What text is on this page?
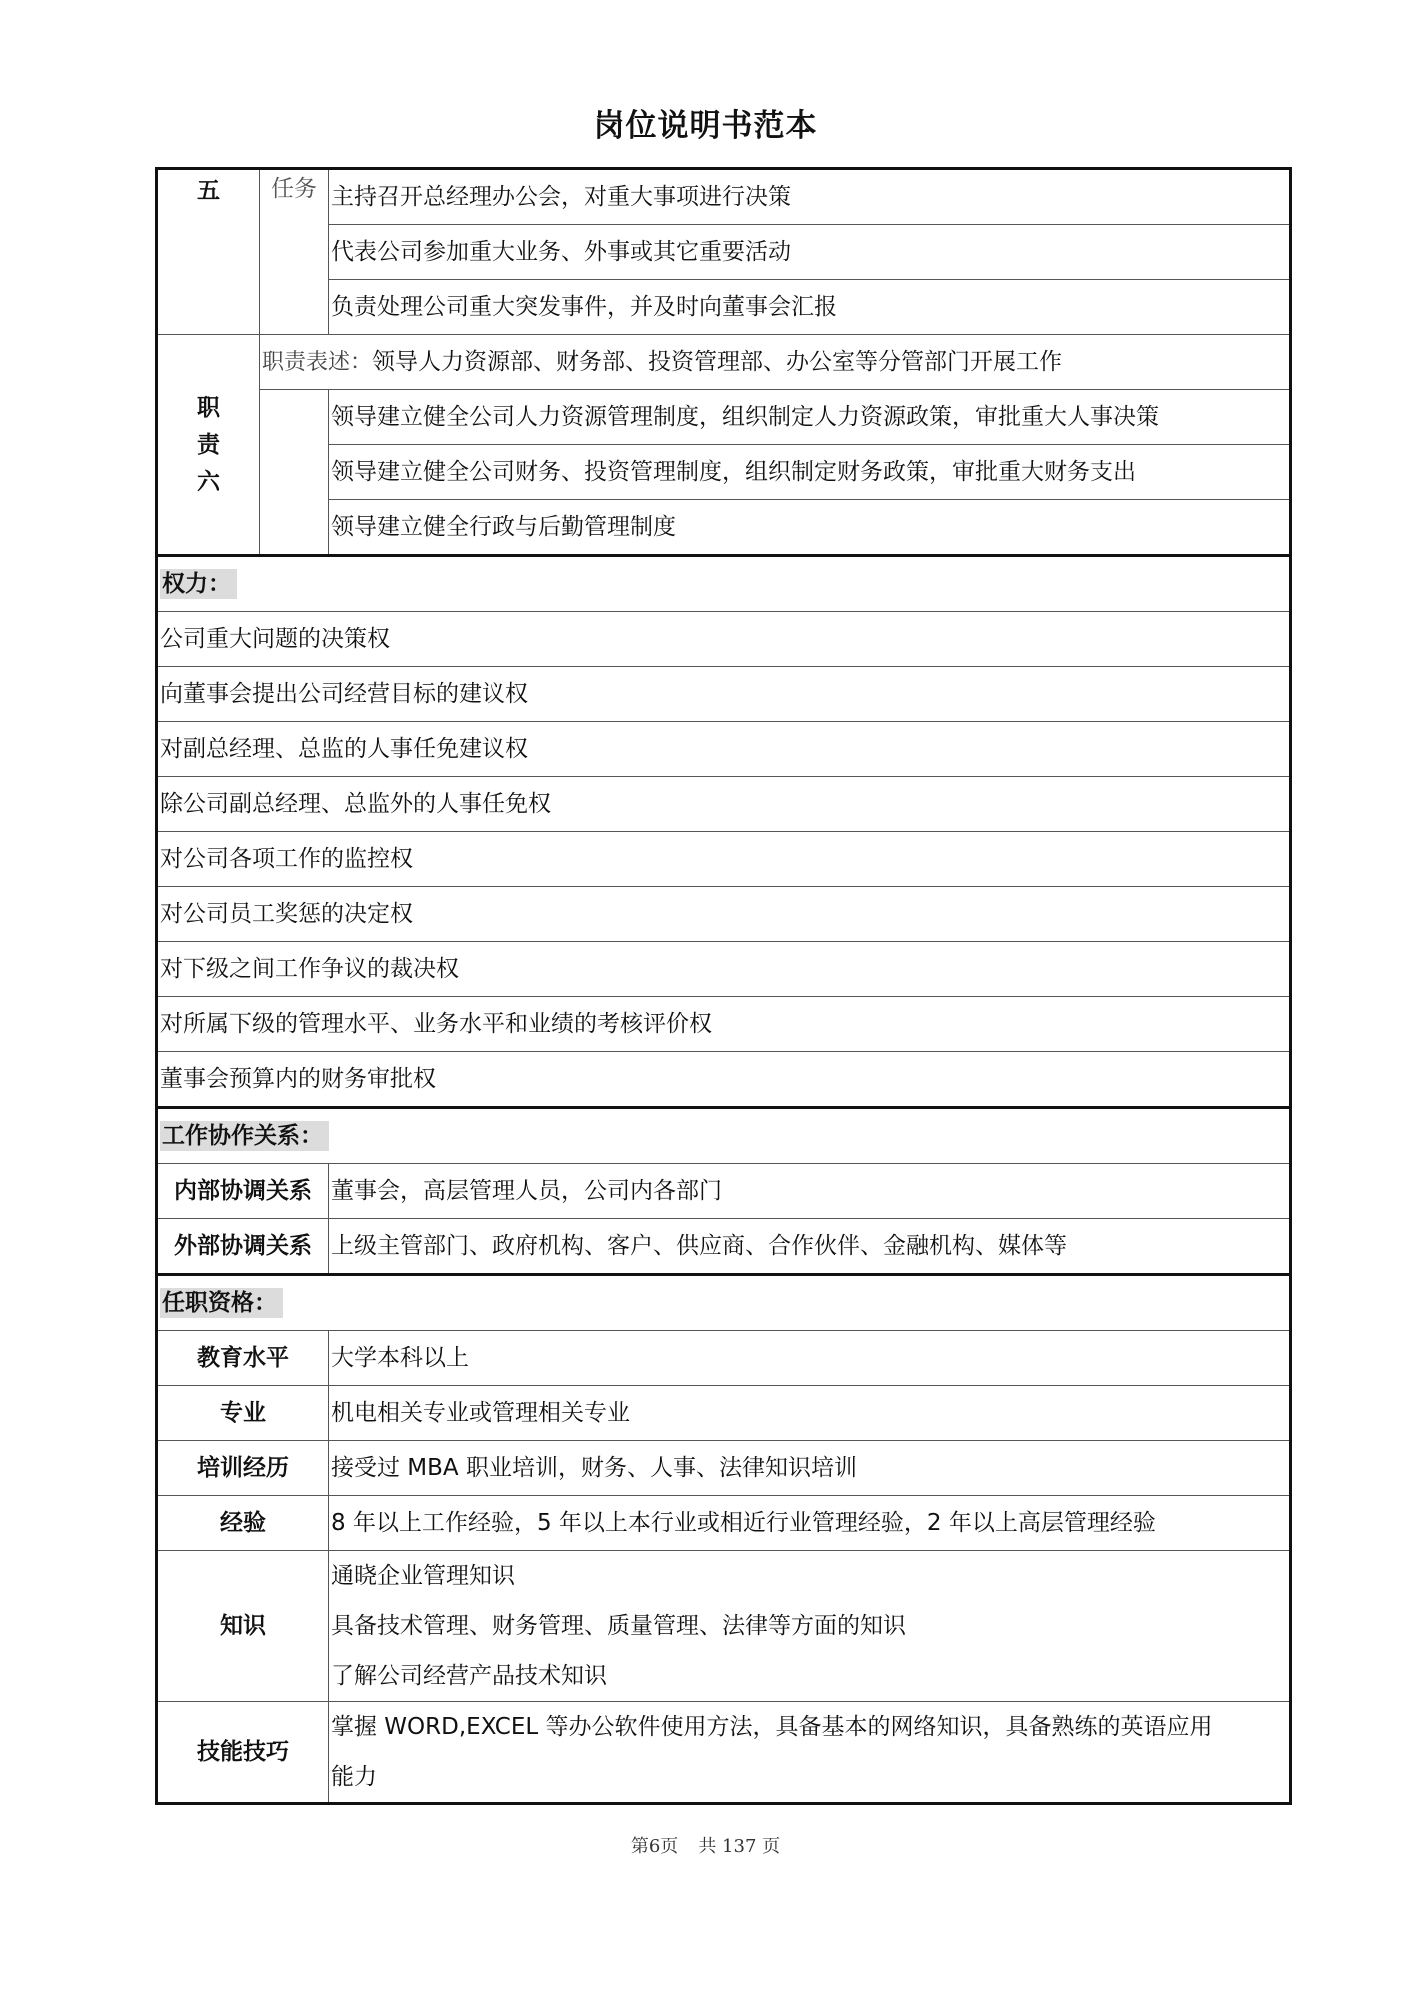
岗位说明书范本
五	任务	主持召开总经理办公会，对重大事项进行决策
		代表公司参加重大业务、外事或其它重要活动
		负责处理公司重大突发事件，并及时向董事会汇报

职
责
六	职责表述：领导人力资源部、财务部、投资管理部、办公室等分管部门开展工作	
		领导建立健全公司人力资源管理制度，组织制定人力资源政策，审批重大人事决策
		领导建立健全公司财务、投资管理制度，组织制定财务政策，审批重大财务支出
		领导建立健全行政与后勤管理制度
权力：		
公司重大问题的决策权		
向董事会提出公司经营目标的建议权		
对副总经理、总监的人事任免建议权		
除公司副总经理、总监外的人事任免权		
对公司各项工作的监控权		
对公司员工奖惩的决定权		
对下级之间工作争议的裁决权		
对所属下级的管理水平、业务水平和业绩的考核评价权		
董事会预算内的财务审批权		
工作协作关系：		
内部协调关系		董事会，高层管理人员，公司内各部门
外部协调关系		上级主管部门、政府机构、客户、供应商、合作伙伴、金融机构、媒体等
任职资格：		
教育水平		大学本科以上
专业		机电相关专业或管理相关专业
培训经历		接受过 MBA 职业培训，财务、人事、法律知识培训
经验		8 年以上工作经验，5 年以上本行业或相近行业管理经验，2 年以上高层管理经验
知识		通晓企业管理知识
具备技术管理、财务管理、质量管理、法律等方面的知识
了解公司经营产品技术知识

技能技巧		掌握 WORD,EXCEL 等办公软件使用方法，具备基本的网络知识，具备熟练的英语应用
能力
第6页 共 137 页
